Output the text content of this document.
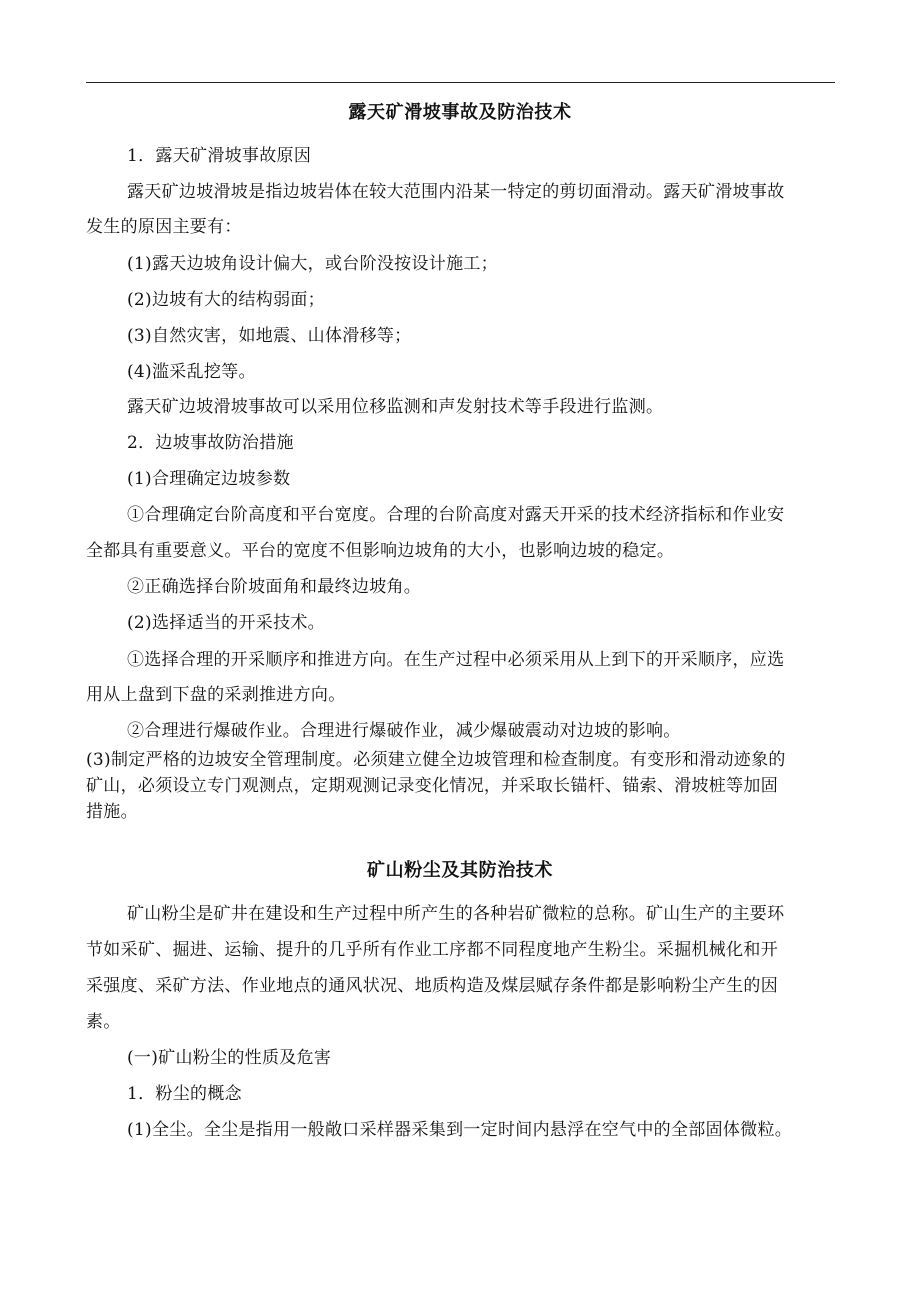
露天矿滑坡事故及防治技术
1．露天矿滑坡事故原因
露天矿边坡滑坡是指边坡岩体在较大范围内沿某一特定的剪切面滑动。露天矿滑坡事故
发生的原因主要有：
(1)露天边坡角设计偏大，或台阶没按设计施工；
(2)边坡有大的结构弱面；
(3)自然灾害，如地震、山体滑移等；
(4)滥采乱挖等。
露天矿边坡滑坡事故可以采用位移监测和声发射技术等手段进行监测。
2．边坡事故防治措施
(1)合理确定边坡参数
①合理确定台阶高度和平台宽度。合理的台阶高度对露天开采的技术经济指标和作业安
全都具有重要意义。平台的宽度不但影响边坡角的大小，也影响边坡的稳定。
②正确选择台阶坡面角和最终边坡角。
(2)选择适当的开采技术。
①选择合理的开采顺序和推进方向。在生产过程中必须采用从上到下的开采顺序，应选
用从上盘到下盘的采剥推进方向。
②合理进行爆破作业。合理进行爆破作业，减少爆破震动对边坡的影响。
(3)制定严格的边坡安全管理制度。必须建立健全边坡管理和检查制度。有变形和滑动迹象的
矿山，必须设立专门观测点，定期观测记录变化情况，并采取长锚杆、锚索、滑坡桩等加固
措施。
矿山粉尘及其防治技术
矿山粉尘是矿井在建设和生产过程中所产生的各种岩矿微粒的总称。矿山生产的主要环
节如采矿、掘进、运输、提升的几乎所有作业工序都不同程度地产生粉尘。采掘机械化和开
采强度、采矿方法、作业地点的通风状况、地质构造及煤层赋存条件都是影响粉尘产生的因
素。
(一)矿山粉尘的性质及危害
1．粉尘的概念
(1)全尘。全尘是指用一般敞口采样器采集到一定时间内悬浮在空气中的全部固体微粒。
